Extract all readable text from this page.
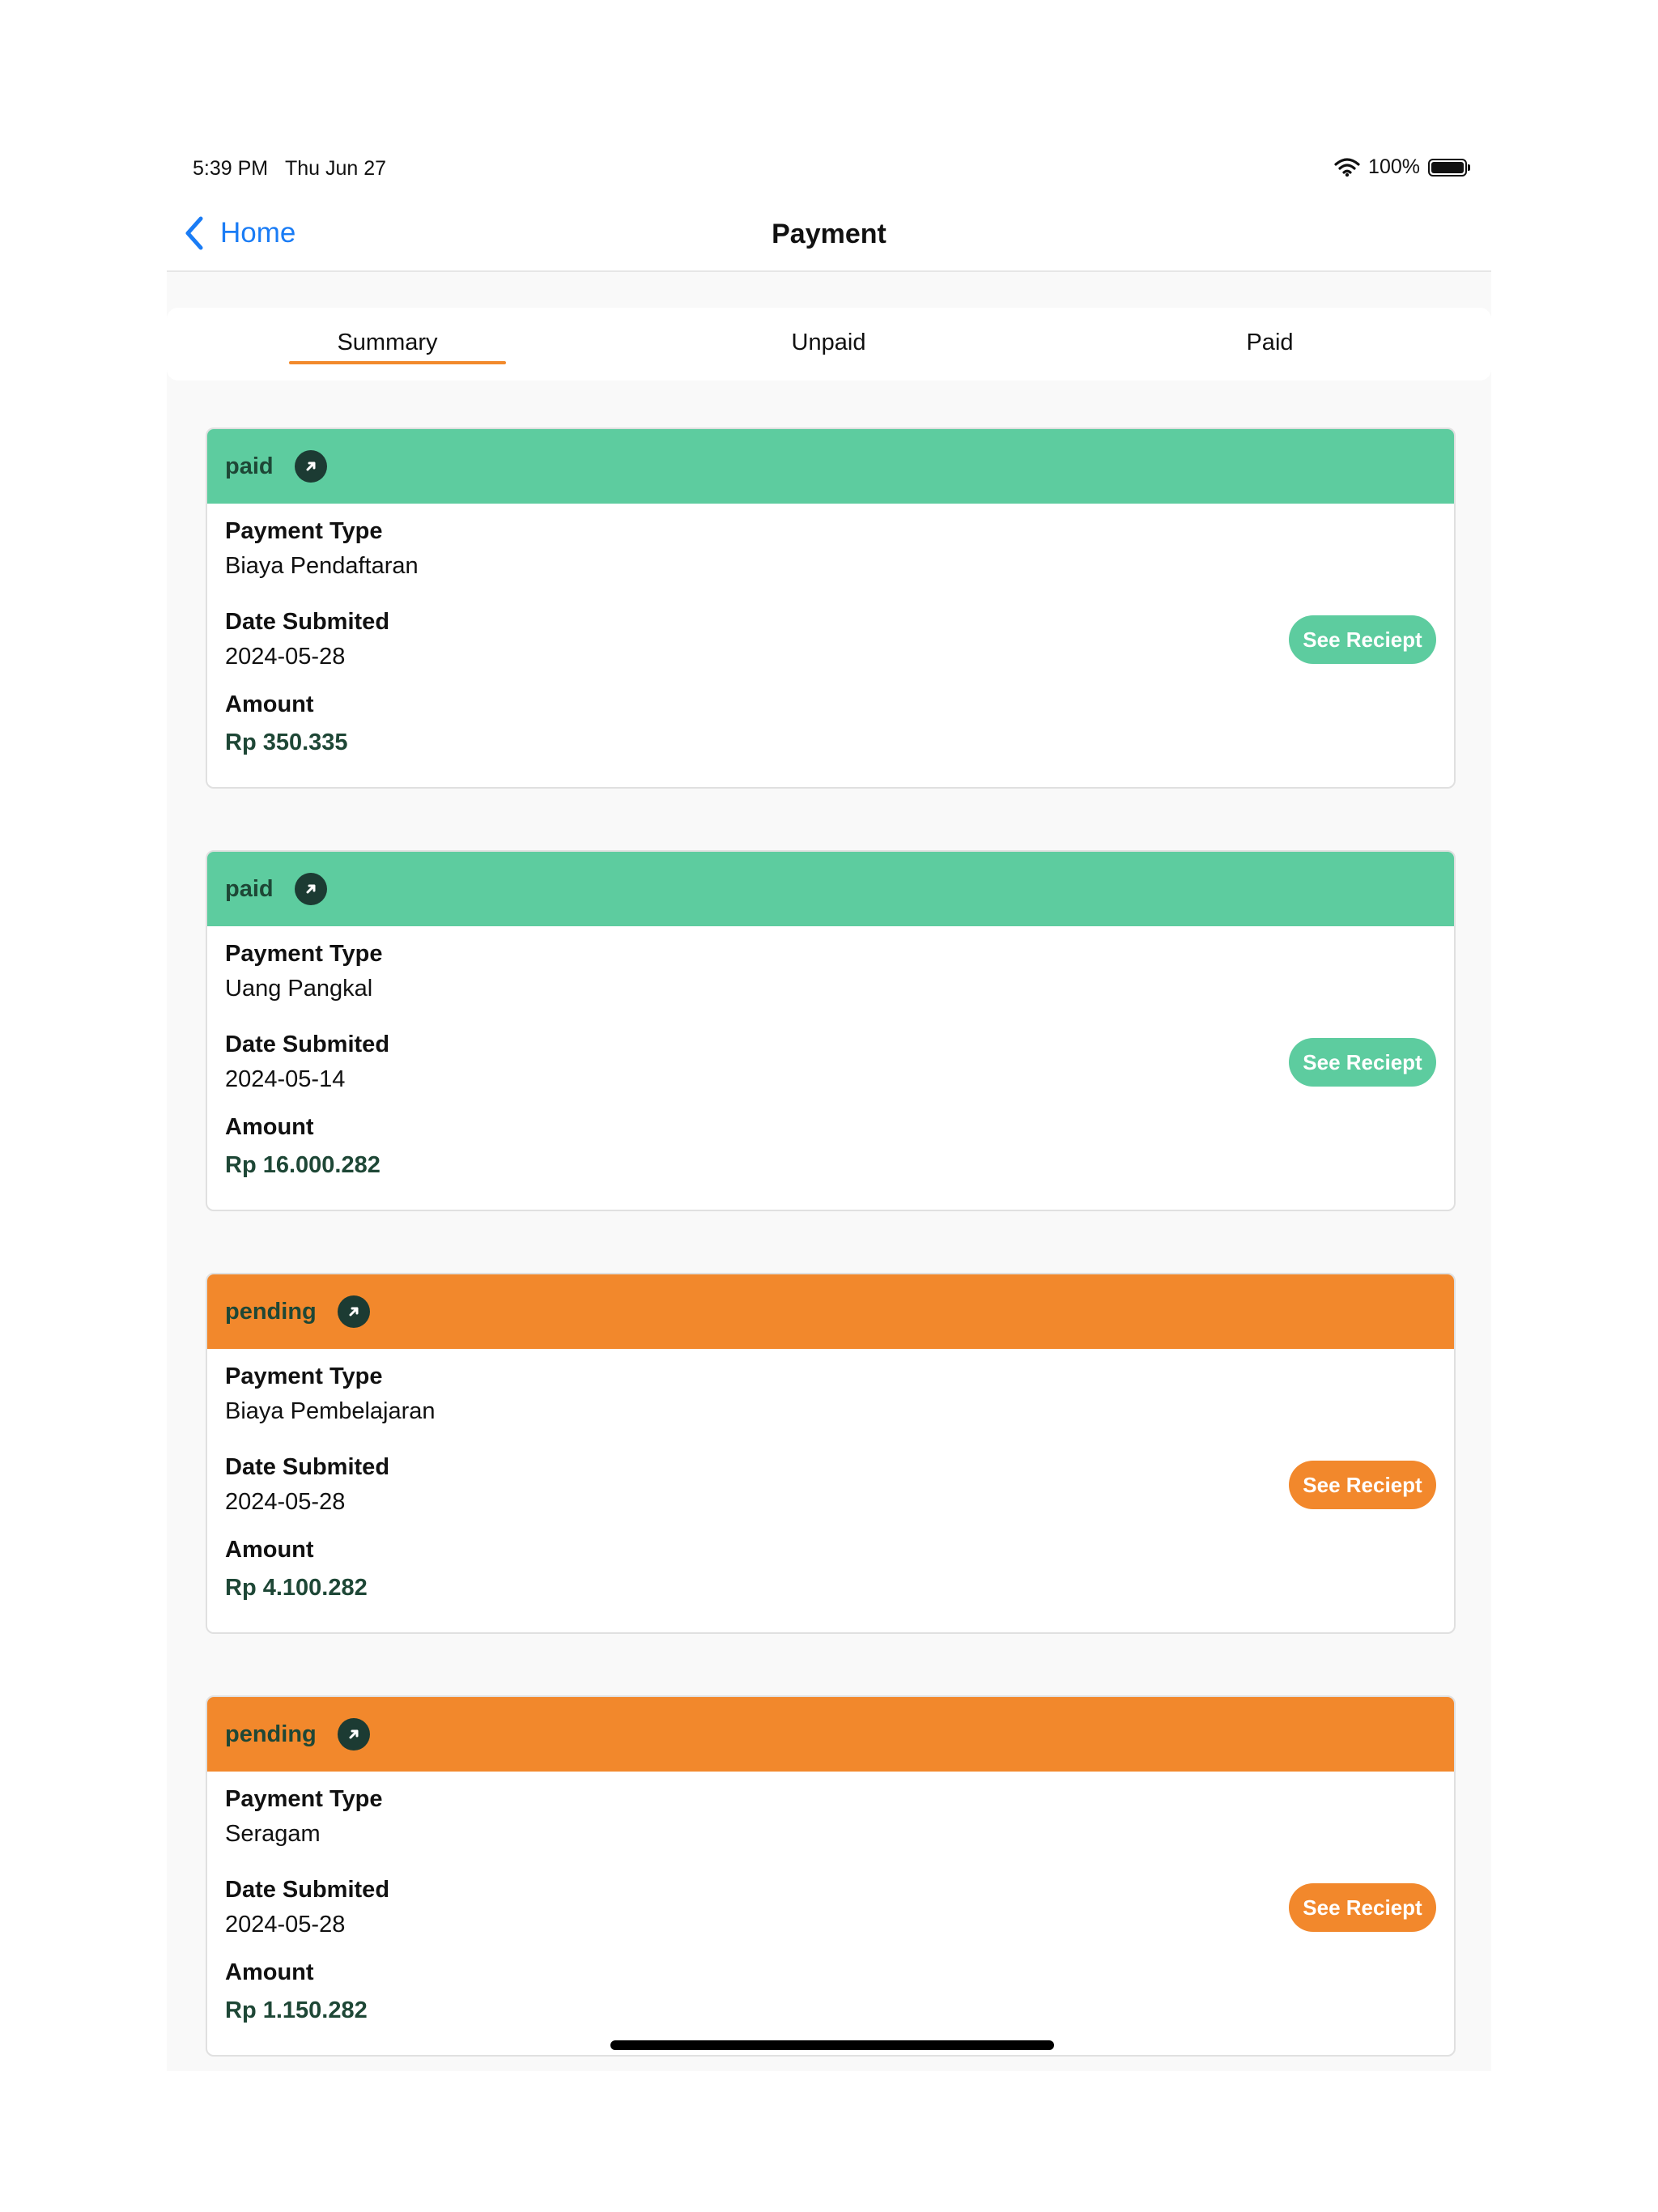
5:39 PM Thu Jun 27	100%
Home	Payment
Summary	Unpaid	Paid
paid
Payment Type
Biaya Pendaftaran
Date Submited
2024-05-28
Amount
Rp 350.335
See Reciept
paid
Payment Type
Uang Pangkal
Date Submited
2024-05-14
Amount
Rp 16.000.282
See Reciept
pending
Payment Type
Biaya Pembelajaran
Date Submited
2024-05-28
Amount
Rp 4.100.282
See Reciept
pending
Payment Type
Seragam
Date Submited
2024-05-28
Amount
Rp 1.150.282
See Reciept
